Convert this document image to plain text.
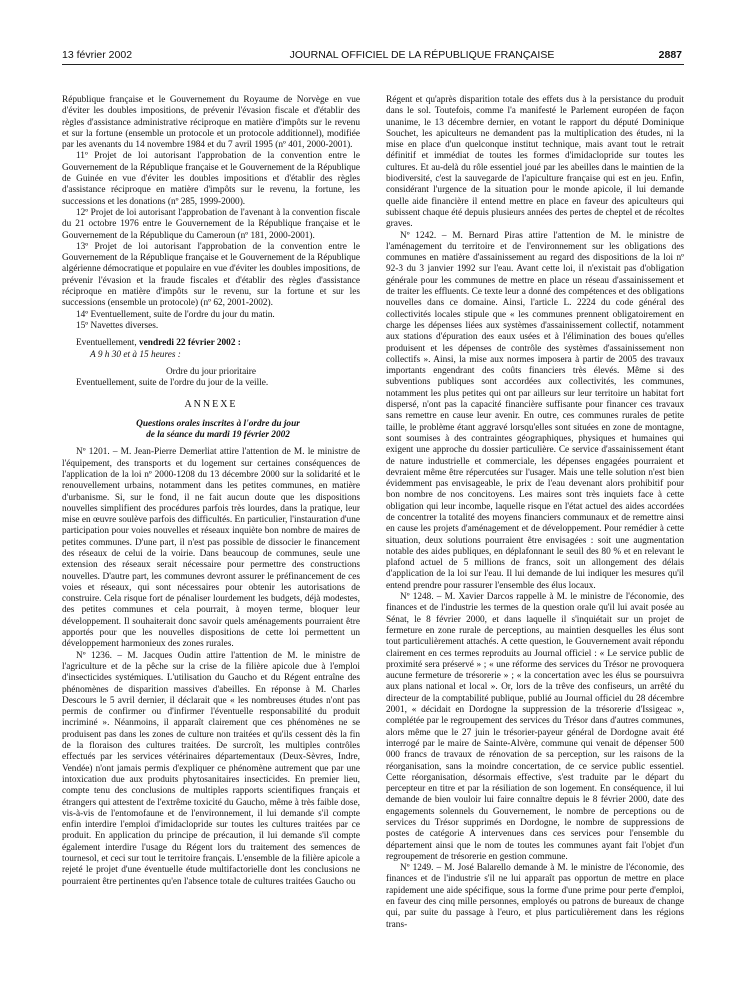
13 février 2002	JOURNAL OFFICIEL DE LA RÉPUBLIQUE FRANÇAISE	2887

République française et le Gouvernement du Royaume de Norvège en vue d'éviter les doubles impositions, de prévenir l'évasion fiscale et d'établir des règles d'assistance administrative réciproque en matière d'impôts sur le revenu et sur la fortune (ensemble un protocole et un protocole additionnel), modifiée par les avenants du 14 novembre 1984 et du 7 avril 1995 (nº 401, 2000-2001).

11º Projet de loi autorisant l'approbation de la convention entre le Gouvernement de la République française et le Gouvernement de la République de Guinée en vue d'éviter les doubles impositions et d'établir des règles d'assistance réciproque en matière d'impôts sur le revenu, la fortune, les successions et les donations (nº 285, 1999-2000).

12º Projet de loi autorisant l'approbation de l'avenant à la convention fiscale du 21 octobre 1976 entre le Gouvernement de la République française et le Gouvernement de la République du Cameroun (nº 181, 2000-2001).

13º Projet de loi autorisant l'approbation de la convention entre le Gouvernement de la République française et le Gouvernement de la République algérienne démocratique et populaire en vue d'éviter les doubles impositions, de prévenir l'évasion et la fraude fiscales et d'établir des règles d'assistance réciproque en matière d'impôts sur le revenu, sur la fortune et sur les successions (ensemble un protocole) (nº 62, 2001-2002).

14º Eventuellement, suite de l'ordre du jour du matin.

15º Navettes diverses.

Eventuellement, vendredi 22 février 2002 :

A 9 h 30 et à 15 heures :

Ordre du jour prioritaire

Eventuellement, suite de l'ordre du jour de la veille.

ANNEXE

Questions orales inscrites à l'ordre du jour

de la séance du mardi 19 février 2002

Nº 1201. – M. Jean-Pierre Demerliat attire l'attention de M. le ministre de l'équipement, des transports et du logement sur certaines conséquences de l'application de la loi nº 2000-1208 du 13 décembre 2000 sur la solidarité et le renouvellement urbains, notamment dans les petites communes, en matière d'urbanisme. Si, sur le fond, il ne fait aucun doute que les dispositions nouvelles simplifient des procédures parfois très lourdes, dans la pratique, leur mise en œuvre soulève parfois des difficultés. En particulier, l'instauration d'une participation pour voies nouvelles et réseaux inquiète bon nombre de maires de petites communes. D'une part, il n'est pas possible de dissocier le financement des réseaux de celui de la voirie. Dans beaucoup de communes, seule une extension des réseaux serait nécessaire pour permettre des constructions nouvelles. D'autre part, les communes devront assurer le préfinancement de ces voies et réseaux, qui sont nécessaires pour obtenir les autorisations de construire. Cela risque fort de pénaliser lourdement les budgets, déjà modestes, des petites communes et cela pourrait, à moyen terme, bloquer leur développement. Il souhaiterait donc savoir quels aménagements pourraient être apportés pour que les nouvelles dispositions de cette loi permettent un développement harmonieux des zones rurales.

Nº 1236. – M. Jacques Oudin attire l'attention de M. le ministre de l'agriculture et de la pêche sur la crise de la filière apicole due à l'emploi d'insecticides systémiques. L'utilisation du Gaucho et du Régent entraîne des phénomènes de disparition massives d'abeilles. En réponse à M. Charles Descours le 5 avril dernier, il déclarait que « les nombreuses études n'ont pas permis de confirmer ou d'infirmer l'éventuelle responsabilité du produit incriminé ». Néanmoins, il apparaît clairement que ces phénomènes ne se produisent pas dans les zones de culture non traitées et qu'ils cessent dès la fin de la floraison des cultures traitées. De surcroît, les multiples contrôles effectués par les services vétérinaires départementaux (Deux-Sèvres, Indre, Vendée) n'ont jamais permis d'expliquer ce phénomène autrement que par une intoxication due aux produits phytosanitaires insecticides. En premier lieu, compte tenu des conclusions de multiples rapports scientifiques français et étrangers qui attestent de l'extrême toxicité du Gaucho, même à très faible dose, vis-à-vis de l'entomofaune et de l'environnement, il lui demande s'il compte enfin interdire l'emploi d'imidaclopride sur toutes les cultures traitées par ce produit. En application du principe de précaution, il lui demande s'il compte également interdire l'usage du Régent lors du traitement des semences de tournesol, et ceci sur tout le territoire français. L'ensemble de la filière apicole a rejeté le projet d'une éventuelle étude multifactorielle dont les conclusions ne pourraient être pertinentes qu'en l'absence totale de cultures traitées Gaucho ou

Régent et qu'après disparition totale des effets dus à la persistance du produit dans le sol. Toutefois, comme l'a manifesté le Parlement européen de façon unanime, le 13 décembre dernier, en votant le rapport du député Dominique Souchet, les apiculteurs ne demandent pas la multiplication des études, ni la mise en place d'un quelconque institut technique, mais avant tout le retrait définitif et immédiat de toutes les formes d'imidaclopride sur toutes les cultures. Et au-delà du rôle essentiel joué par les abeilles dans le maintien de la biodiversité, c'est la sauvegarde de l'apiculture française qui est en jeu. Enfin, considérant l'urgence de la situation pour le monde apicole, il lui demande quelle aide financière il entend mettre en place en faveur des apiculteurs qui subissent chaque été depuis plusieurs années des pertes de cheptel et de récoltes graves.

Nº 1242. – M. Bernard Piras attire l'attention de M. le ministre de l'aménagement du territoire et de l'environnement sur les obligations des communes en matière d'assainissement au regard des dispositions de la loi nº 92-3 du 3 janvier 1992 sur l'eau. Avant cette loi, il n'existait pas d'obligation générale pour les communes de mettre en place un réseau d'assainissement et de traiter les effluents. Ce texte leur a donné des compétences et des obligations nouvelles dans ce domaine. Ainsi, l'article L. 2224 du code général des collectivités locales stipule que « les communes prennent obligatoirement en charge les dépenses liées aux systèmes d'assainissement collectif, notamment aux stations d'épuration des eaux usées et à l'élimination des boues qu'elles produisent et les dépenses de contrôle des systèmes d'assainissement non collectifs ». Ainsi, la mise aux normes imposera à partir de 2005 des travaux importants engendrant des coûts financiers très élevés. Même si des subventions publiques sont accordées aux collectivités, les communes, notamment les plus petites qui ont par ailleurs sur leur territoire un habitat fort dispersé, n'ont pas la capacité financière suffisante pour financer ces travaux sans remettre en cause leur avenir. En outre, ces communes rurales de petite taille, le problème étant aggravé lorsqu'elles sont situées en zone de montagne, sont soumises à des contraintes géographiques, physiques et humaines qui exigent une approche du dossier particulière. Ce service d'assainissement étant de nature industrielle et commerciale, les dépenses engagées pourraient et devraient même être répercutées sur l'usager. Mais une telle solution n'est bien évidemment pas envisageable, le prix de l'eau devenant alors prohibitif pour bon nombre de nos concitoyens. Les maires sont très inquiets face à cette obligation qui leur incombe, laquelle risque en l'état actuel des aides accordées de concentrer la totalité des moyens financiers communaux et de remettre ainsi en cause les projets d'aménagement et de développement. Pour remédier à cette situation, deux solutions pourraient être envisagées : soit une augmentation notable des aides publiques, en déplafonnant le seuil des 80 % et en relevant le plafond actuel de 5 millions de francs, soit un allongement des délais d'application de la loi sur l'eau. Il lui demande de lui indiquer les mesures qu'il entend prendre pour rassurer l'ensemble des élus locaux.

Nº 1248. – M. Xavier Darcos rappelle à M. le ministre de l'économie, des finances et de l'industrie les termes de la question orale qu'il lui avait posée au Sénat, le 8 février 2000, et dans laquelle il s'inquiétait sur un projet de fermeture en zone rurale de perceptions, au maintien desquelles les élus sont tout particulièrement attachés. A cette question, le Gouvernement avait répondu clairement en ces termes reproduits au Journal officiel : « Le service public de proximité sera préservé » ; « une réforme des services du Trésor ne provoquera aucune fermeture de trésorerie » ; « la concertation avec les élus se poursuivra aux plans national et local ». Or, lors de la trêve des confiseurs, un arrêté du directeur de la comptabilité publique, publié au Journal officiel du 28 décembre 2001, « décidait en Dordogne la suppression de la trésorerie d'Issigeac », complétée par le regroupement des services du Trésor dans d'autres communes, alors même que le 27 juin le trésorier-payeur général de Dordogne avait été interrogé par le maire de Sainte-Alvère, commune qui venait de dépenser 500 000 francs de travaux de rénovation de sa perception, sur les raisons de la réorganisation, sans la moindre concertation, de ce service public essentiel. Cette réorganisation, désormais effective, s'est traduite par le départ du percepteur en titre et par la résiliation de son logement. En conséquence, il lui demande de bien vouloir lui faire connaître depuis le 8 février 2000, date des engagements solennels du Gouvernement, le nombre de perceptions ou de services du Trésor supprimés en Dordogne, le nombre de suppressions de postes de catégorie A intervenues dans ces services pour l'ensemble du département ainsi que le nom de toutes les communes ayant fait l'objet d'un regroupement de trésorerie en gestion commune.

Nº 1249. – M. José Balarello demande à M. le ministre de l'économie, des finances et de l'industrie s'il ne lui apparaît pas opportun de mettre en place rapidement une aide spécifique, sous la forme d'une prime pour perte d'emploi, en faveur des cinq mille personnes, employés ou patrons de bureaux de change qui, par suite du passage à l'euro, et plus particulièrement dans les régions trans-
